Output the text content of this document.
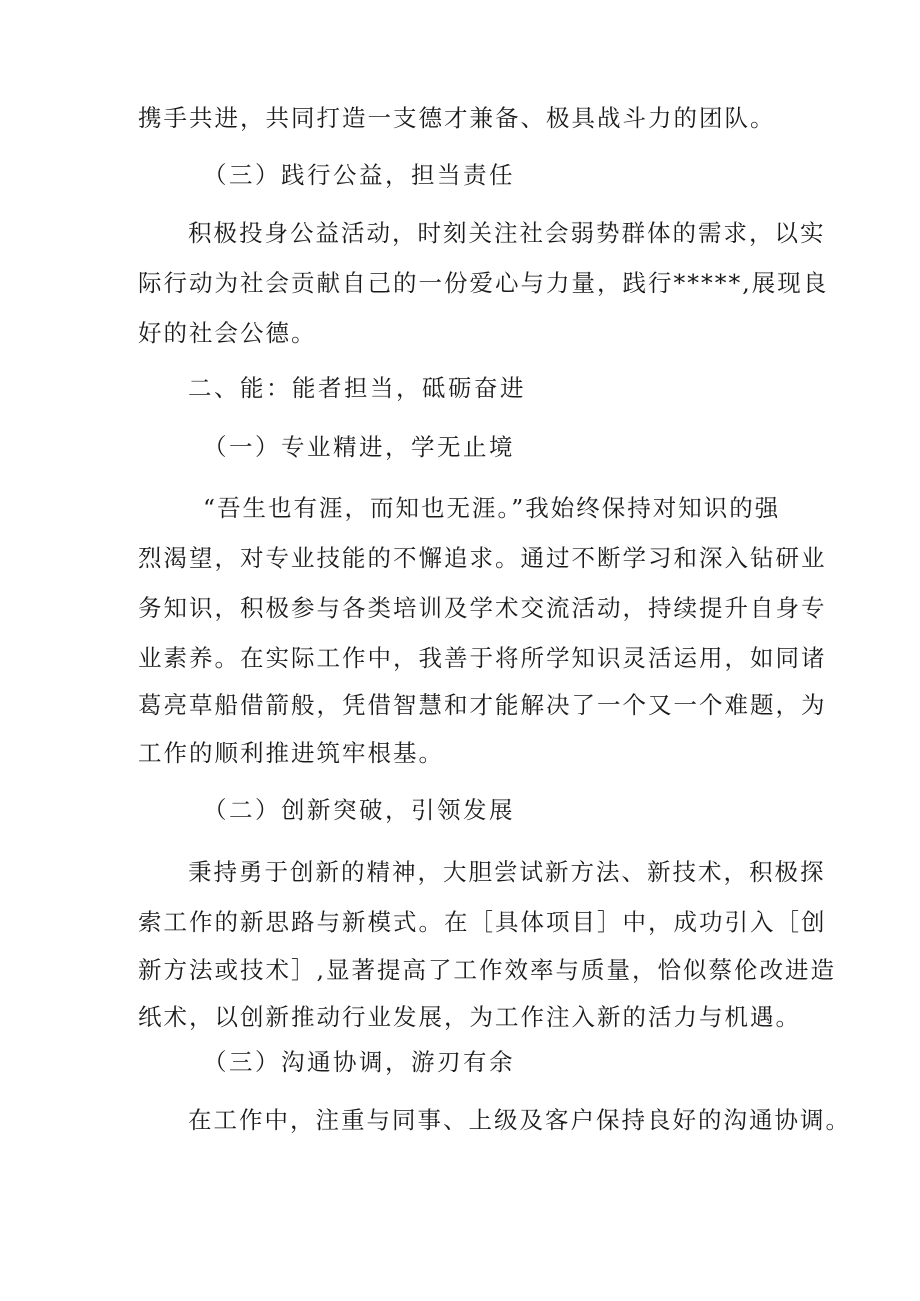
携手共进，共同打造一支德才兼备、极具战斗力的团队。
（三）践行公益，担当责任
积极投身公益活动，时刻关注社会弱势群体的需求，以实
际行动为社会贡献自己的一份爱心与力量，践行*****,展现良
好的社会公德。
二、能：能者担当，砥砺奋进
（一）专业精进，学无止境
“吾生也有涯，而知也无涯。”我始终保持对知识的强
烈渴望，对专业技能的不懈追求。通过不断学习和深入钻研业
务知识，积极参与各类培训及学术交流活动，持续提升自身专
业素养。在实际工作中，我善于将所学知识灵活运用，如同诸
葛亮草船借箭般，凭借智慧和才能解决了一个又一个难题，为
工作的顺利推进筑牢根基。
（二）创新突破，引领发展
秉持勇于创新的精神，大胆尝试新方法、新技术，积极探
索工作的新思路与新模式。在［具体项目］中，成功引入［创
新方法或技术］,显著提高了工作效率与质量，恰似蔡伦改进造
纸术，以创新推动行业发展，为工作注入新的活力与机遇。
（三）沟通协调，游刃有余
在工作中，注重与同事、上级及客户保持良好的沟通协调。
